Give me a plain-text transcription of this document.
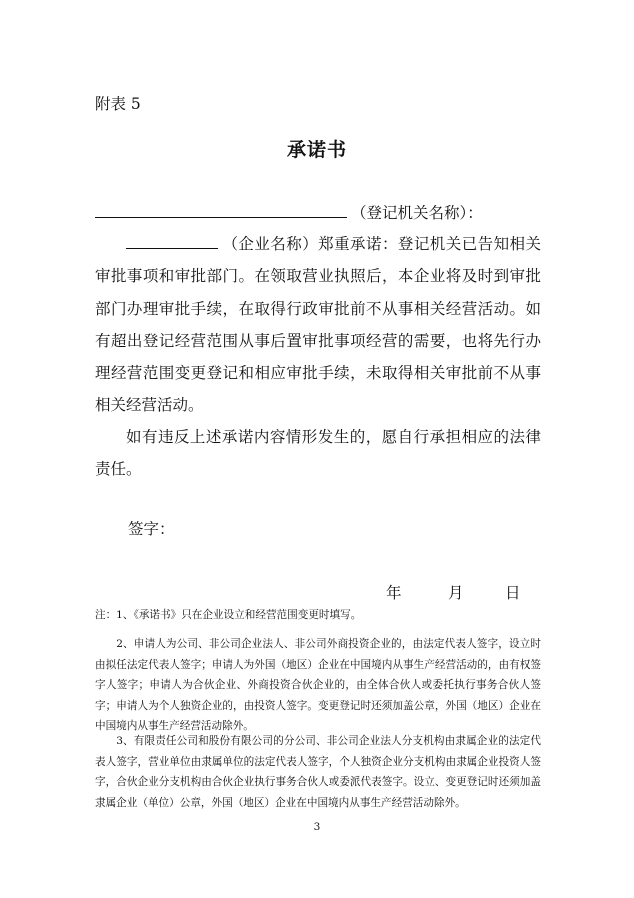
附表 5
承诺书
（登记机关名称）：
（企业名称）郑重承诺：登记机关已告知相关审批事项和审批部门。在领取营业执照后，本企业将及时到审批部门办理审批手续，在取得行政审批前不从事相关经营活动。如有超出登记经营范围从事后置审批事项经营的需要，也将先行办理经营范围变更登记和相应审批手续，未取得相关审批前不从事相关经营活动。
如有违反上述承诺内容情形发生的，愿自行承担相应的法律责任。
签字：
年	月	日
注：1、《承诺书》只在企业设立和经营范围变更时填写。
2、申请人为公司、非公司企业法人、非公司外商投资企业的，由法定代表人签字，设立时由拟任法定代表人签字；申请人为外国（地区）企业在中国境内从事生产经营活动的，由有权签字人签字；申请人为合伙企业、外商投资合伙企业的，由全体合伙人或委托执行事务合伙人签字；申请人为个人独资企业的，由投资人签字。变更登记时还须加盖公章，外国（地区）企业在中国境内从事生产经营活动除外。
3、有限责任公司和股份有限公司的分公司、非公司企业法人分支机构由隶属企业的法定代表人签字，营业单位由隶属单位的法定代表人签字，个人独资企业分支机构由隶属企业投资人签字，合伙企业分支机构由合伙企业执行事务合伙人或委派代表签字。设立、变更登记时还须加盖隶属企业（单位）公章，外国（地区）企业在中国境内从事生产经营活动除外。
3
